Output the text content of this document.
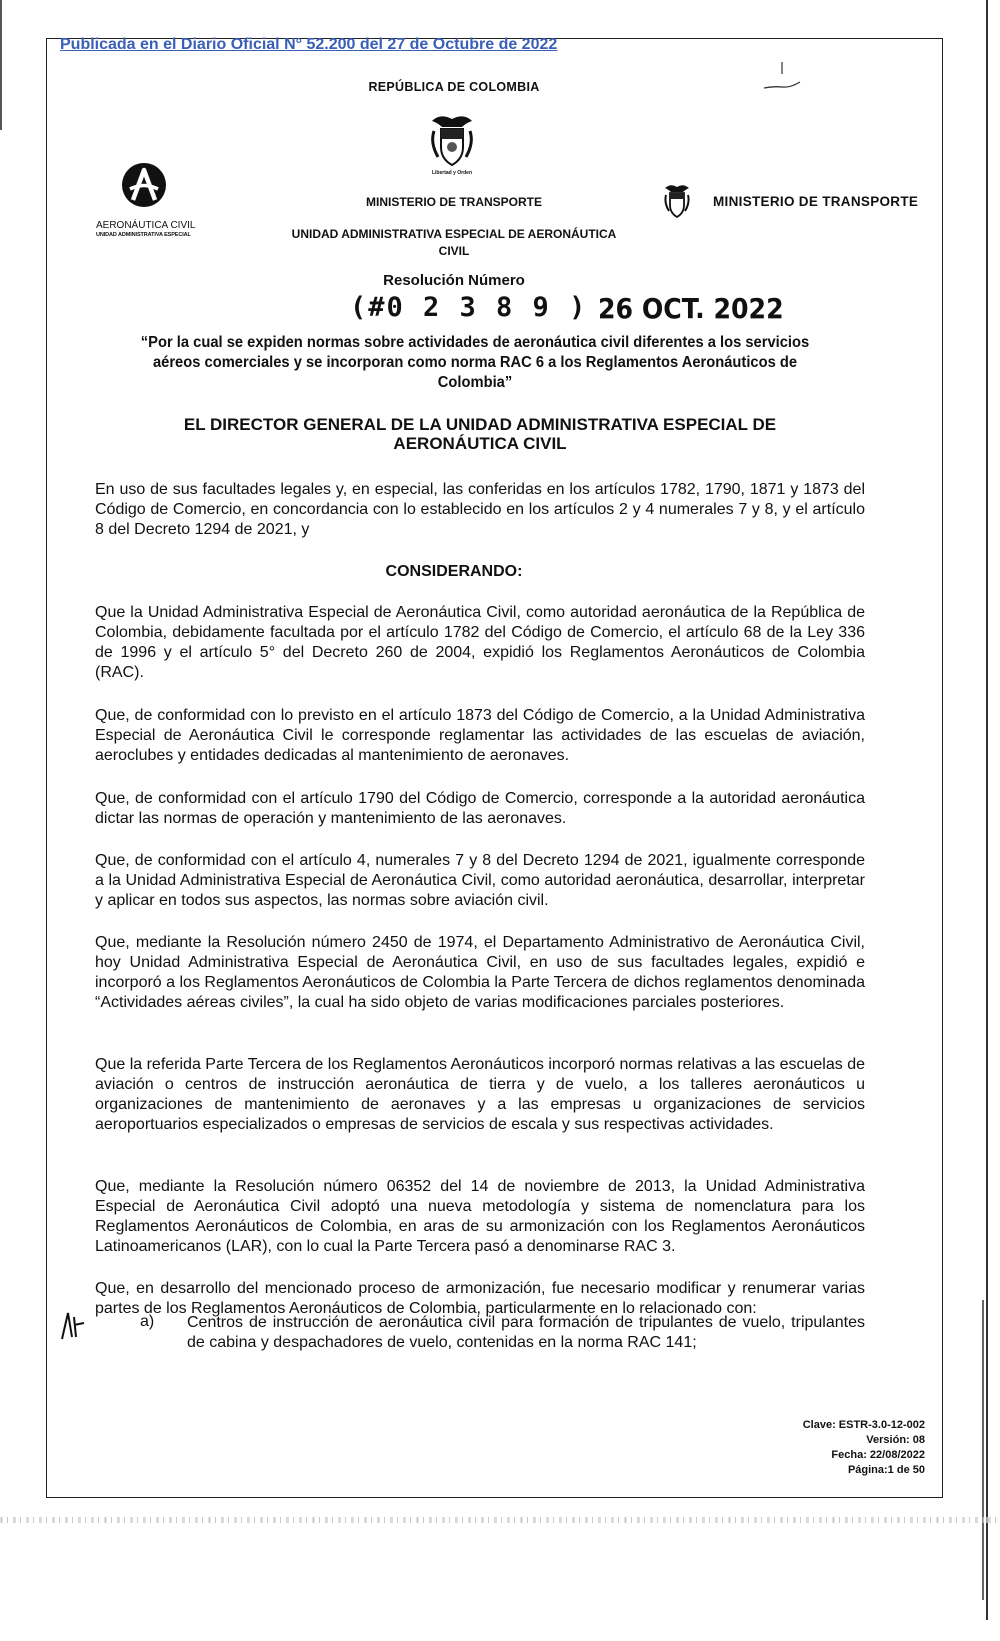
Publicada en el Diario Oficial N° 52.200 del 27 de Octubre de 2022
REPÚBLICA DE COLOMBIA
Libertad y Orden
AERONÁUTICA CIVIL
UNIDAD ADMINISTRATIVA ESPECIAL
MINISTERIO DE TRANSPORTE
UNIDAD ADMINISTRATIVA ESPECIAL DE AERONÁUTICA
CIVIL
MINISTERIO DE TRANSPORTE
Resolución Número
(#0 2 3 8 9 ) 26 OCT. 2022
“Por la cual se expiden normas sobre actividades de aeronáutica civil diferentes a los servicios aéreos comerciales y se incorporan como norma RAC 6 a los Reglamentos Aeronáuticos de Colombia”
EL DIRECTOR GENERAL DE LA UNIDAD ADMINISTRATIVA ESPECIAL DE AERONÁUTICA CIVIL
En uso de sus facultades legales y, en especial, las conferidas en los artículos 1782, 1790, 1871 y 1873 del Código de Comercio, en concordancia con lo establecido en los artículos 2 y 4 numerales 7 y 8, y el artículo 8 del Decreto 1294 de 2021, y
CONSIDERANDO:
Que la Unidad Administrativa Especial de Aeronáutica Civil, como autoridad aeronáutica de la República de Colombia, debidamente facultada por el artículo 1782 del Código de Comercio, el artículo 68 de la Ley 336 de 1996 y el artículo 5° del Decreto 260 de 2004, expidió los Reglamentos Aeronáuticos de Colombia (RAC).
Que, de conformidad con lo previsto en el artículo 1873 del Código de Comercio, a la Unidad Administrativa Especial de Aeronáutica Civil le corresponde reglamentar las actividades de las escuelas de aviación, aeroclubes y entidades dedicadas al mantenimiento de aeronaves.
Que, de conformidad con el artículo 1790 del Código de Comercio, corresponde a la autoridad aeronáutica dictar las normas de operación y mantenimiento de las aeronaves.
Que, de conformidad con el artículo 4, numerales 7 y 8 del Decreto 1294 de 2021, igualmente corresponde a la Unidad Administrativa Especial de Aeronáutica Civil, como autoridad aeronáutica, desarrollar, interpretar y aplicar en todos sus aspectos, las normas sobre aviación civil.
Que, mediante la Resolución número 2450 de 1974, el Departamento Administrativo de Aeronáutica Civil, hoy Unidad Administrativa Especial de Aeronáutica Civil, en uso de sus facultades legales, expidió e incorporó a los Reglamentos Aeronáuticos de Colombia la Parte Tercera de dichos reglamentos denominada “Actividades aéreas civiles”, la cual ha sido objeto de varias modificaciones parciales posteriores.
Que la referida Parte Tercera de los Reglamentos Aeronáuticos incorporó normas relativas a las escuelas de aviación o centros de instrucción aeronáutica de tierra y de vuelo, a los talleres aeronáuticos u organizaciones de mantenimiento de aeronaves y a las empresas u organizaciones de servicios aeroportuarios especializados o empresas de servicios de escala y sus respectivas actividades.
Que, mediante la Resolución número 06352 del 14 de noviembre de 2013, la Unidad Administrativa Especial de Aeronáutica Civil adoptó una nueva metodología y sistema de nomenclatura para los Reglamentos Aeronáuticos de Colombia, en aras de su armonización con los Reglamentos Aeronáuticos Latinoamericanos (LAR), con lo cual la Parte Tercera pasó a denominarse RAC 3.
Que, en desarrollo del mencionado proceso de armonización, fue necesario modificar y renumerar varias partes de los Reglamentos Aeronáuticos de Colombia, particularmente en lo relacionado con:
a) Centros de instrucción de aeronáutica civil para formación de tripulantes de vuelo, tripulantes de cabina y despachadores de vuelo, contenidas en la norma RAC 141;
Clave: ESTR-3.0-12-002
Versión: 08
Fecha: 22/08/2022
Página:1 de 50
